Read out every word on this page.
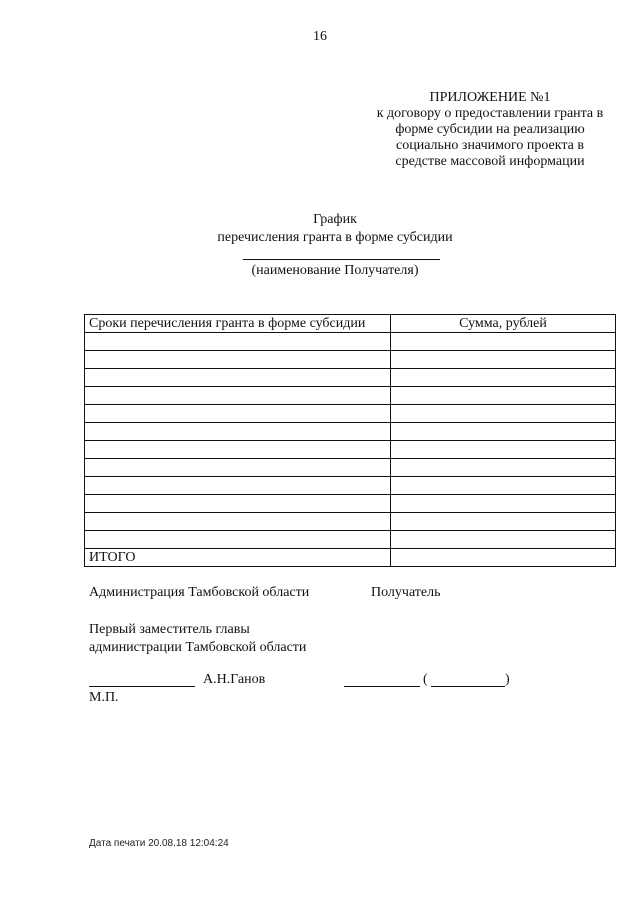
16
ПРИЛОЖЕНИЕ №1
к договору о предоставлении гранта в
форме субсидии на реализацию
социально значимого проекта в
средстве массовой информации
График
перечисления гранта в форме субсидии
(наименование Получателя)
Сроки перечисления гранта в форме субсидии	Сумма, рублей

ИТОГО	
Администрация Тамбовской области	Получатель
Первый заместитель главы
администрации Тамбовской области
А.Н.Ганов	(	)
М.П.
Дата печати 20.08.18 12:04:24
